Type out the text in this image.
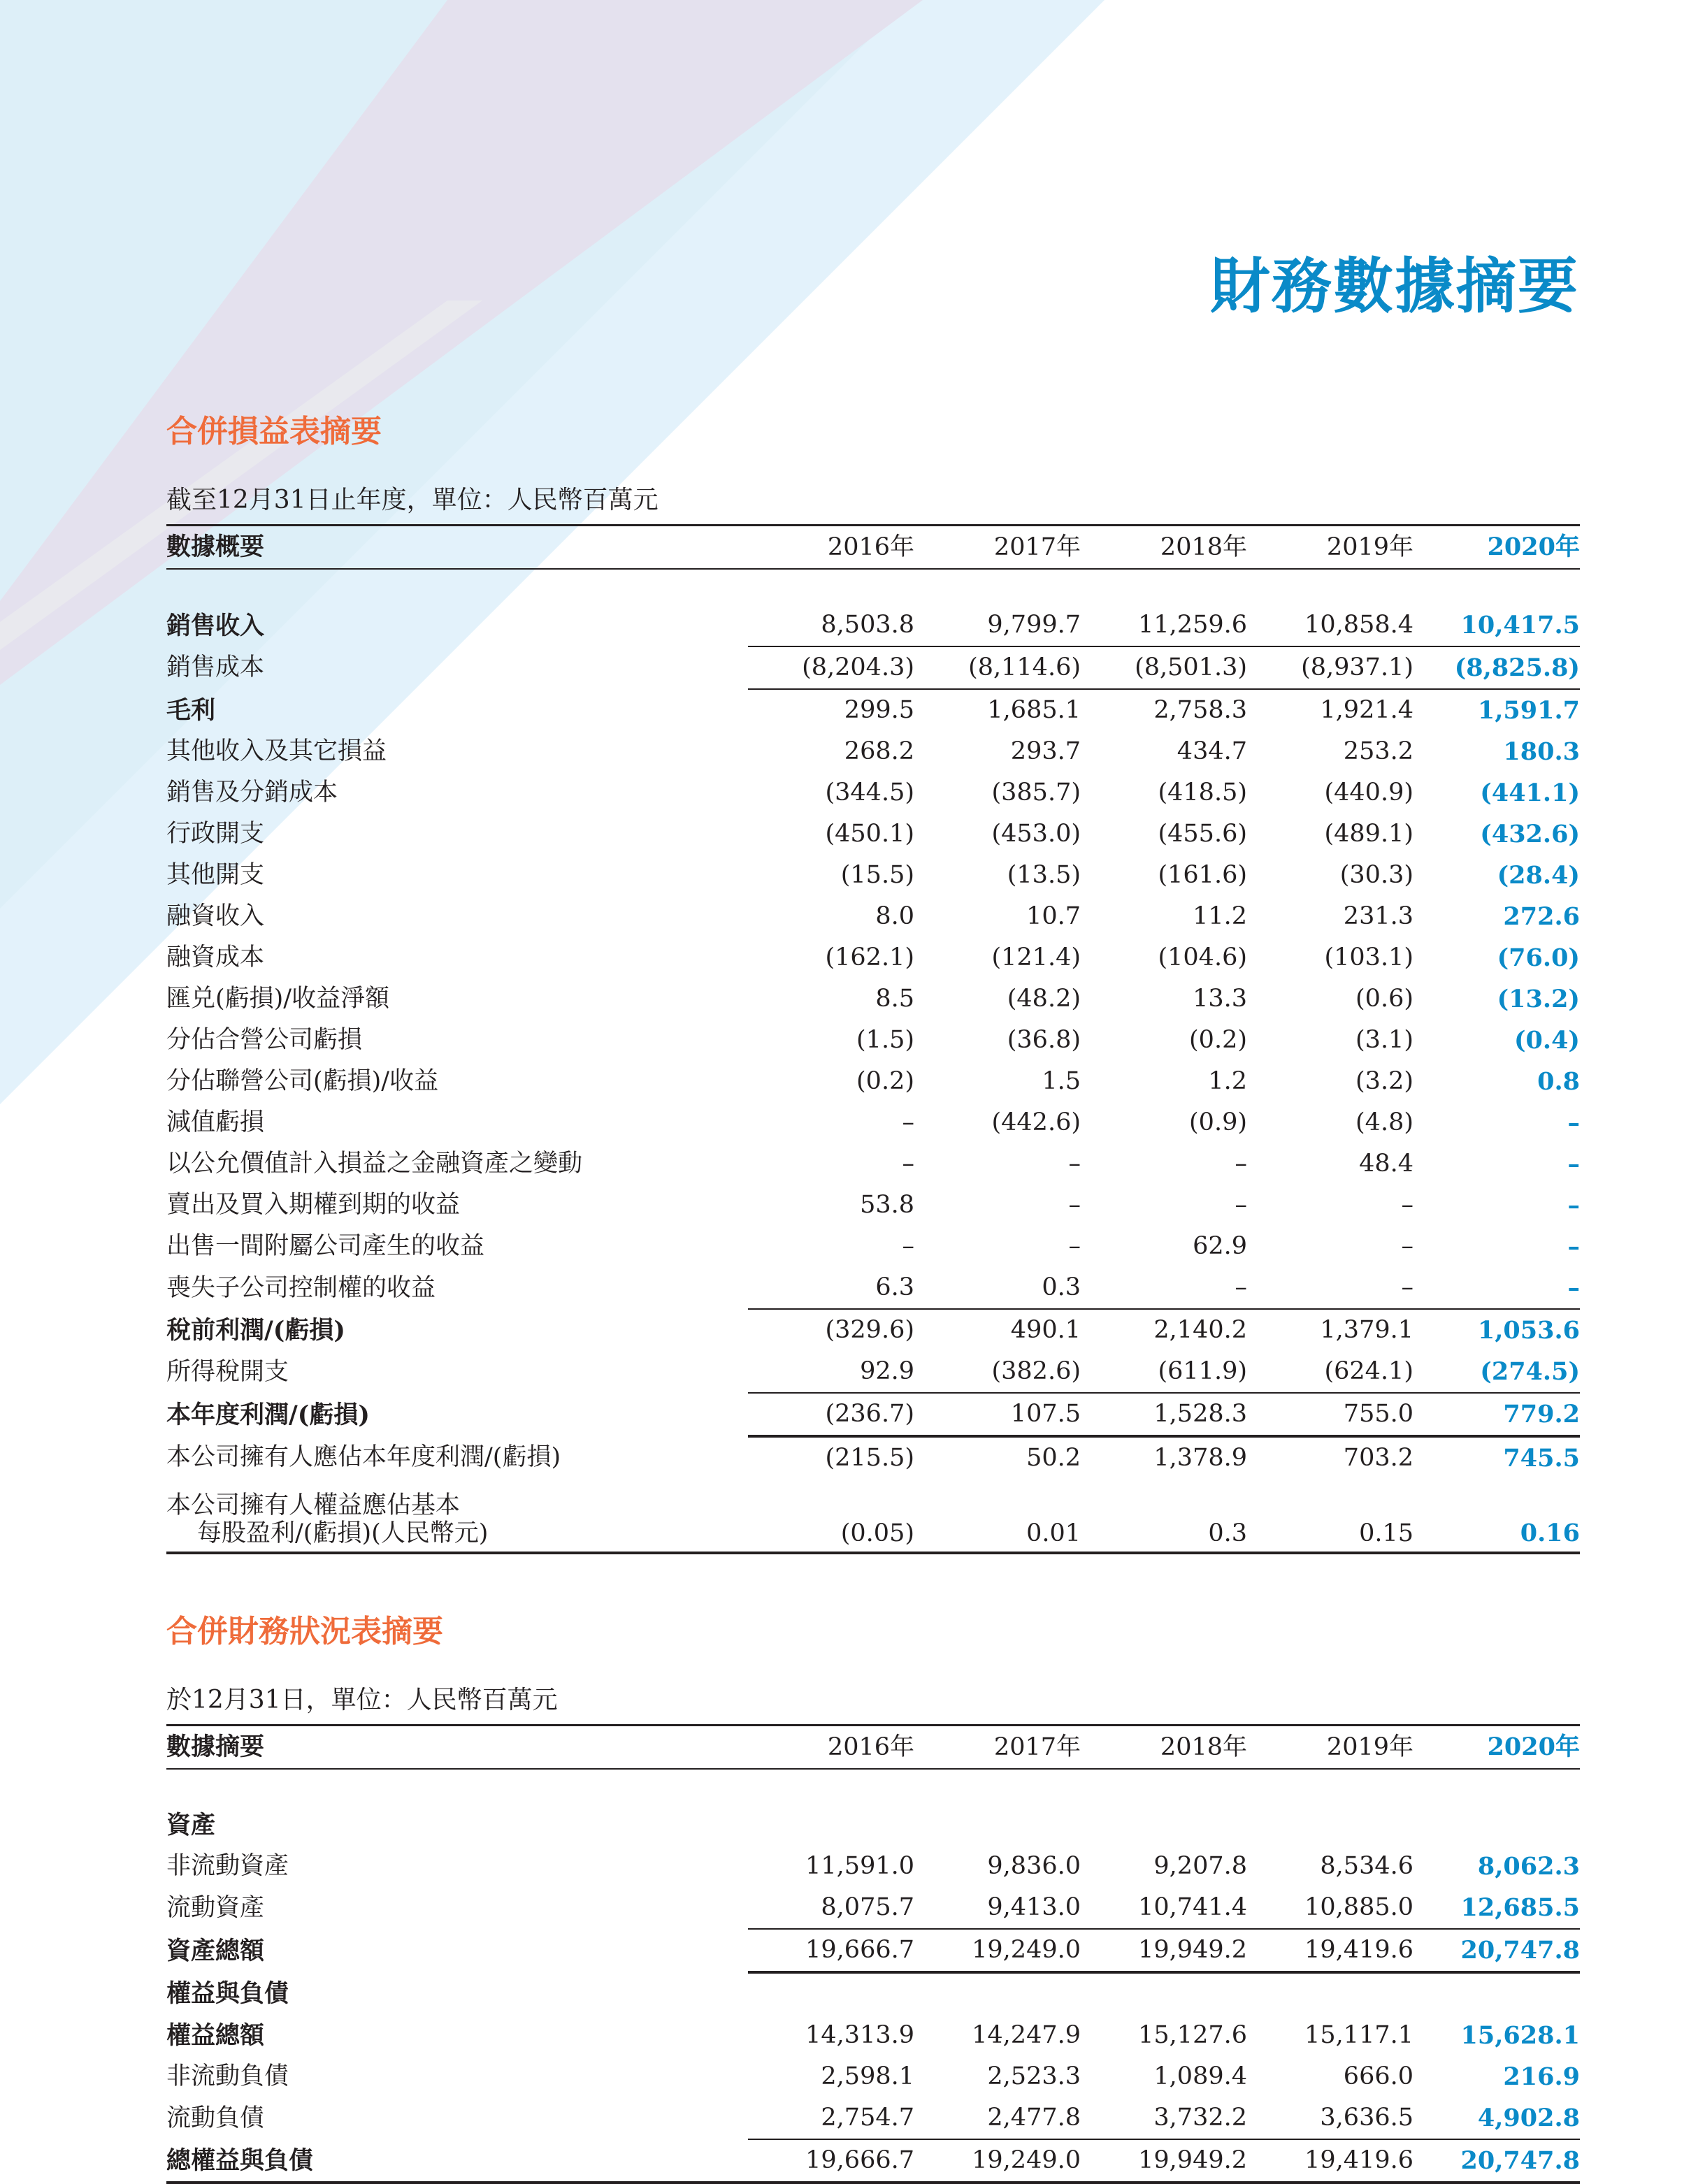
財務數據摘要
合併損益表摘要
截至12月31日止年度，單位：人民幣百萬元
數據概要	2016年	2017年	2018年	2019年	2020年

銷售收入	8,503.8	9,799.7	11,259.6	10,858.4	10,417.5
銷售成本	(8,204.3)	(8,114.6)	(8,501.3)	(8,937.1)	(8,825.8)
毛利	299.5	1,685.1	2,758.3	1,921.4	1,591.7
其他收入及其它損益	268.2	293.7	434.7	253.2	180.3
銷售及分銷成本	(344.5)	(385.7)	(418.5)	(440.9)	(441.1)
行政開支	(450.1)	(453.0)	(455.6)	(489.1)	(432.6)
其他開支	(15.5)	(13.5)	(161.6)	(30.3)	(28.4)
融資收入	8.0	10.7	11.2	231.3	272.6
融資成本	(162.1)	(121.4)	(104.6)	(103.1)	(76.0)
匯兑(虧損)/收益淨額	8.5	(48.2)	13.3	(0.6)	(13.2)
分佔合營公司虧損	(1.5)	(36.8)	(0.2)	(3.1)	(0.4)
分佔聯營公司(虧損)/收益	(0.2)	1.5	1.2	(3.2)	0.8
減值虧損	–	(442.6)	(0.9)	(4.8)	–
以公允價值計入損益之金融資產之變動	–	–	–	48.4	–
賣出及買入期權到期的收益	53.8	–	–	–	–
出售一間附屬公司產生的收益	–	–	62.9	–	–
喪失子公司控制權的收益	6.3	0.3	–	–	–
稅前利潤/(虧損)	(329.6)	490.1	2,140.2	1,379.1	1,053.6
所得稅開支	92.9	(382.6)	(611.9)	(624.1)	(274.5)
本年度利潤/(虧損)	(236.7)	107.5	1,528.3	755.0	779.2
本公司擁有人應佔本年度利潤/(虧損)	(215.5)	50.2	1,378.9	703.2	745.5

本公司擁有人權益應佔基本
每股盈利/(虧損)(人民幣元)	(0.05)	0.01	0.3	0.15	0.16
合併財務狀況表摘要
於12月31日，單位：人民幣百萬元
數據摘要	2016年	2017年	2018年	2019年	2020年

資產					
非流動資產	11,591.0	9,836.0	9,207.8	8,534.6	8,062.3
流動資產	8,075.7	9,413.0	10,741.4	10,885.0	12,685.5
資產總額	19,666.7	19,249.0	19,949.2	19,419.6	20,747.8
權益與負債					
權益總額	14,313.9	14,247.9	15,127.6	15,117.1	15,628.1
非流動負債	2,598.1	2,523.3	1,089.4	666.0	216.9
流動負債	2,754.7	2,477.8	3,732.2	3,636.5	4,902.8
總權益與負債	19,666.7	19,249.0	19,949.2	19,419.6	20,747.8
